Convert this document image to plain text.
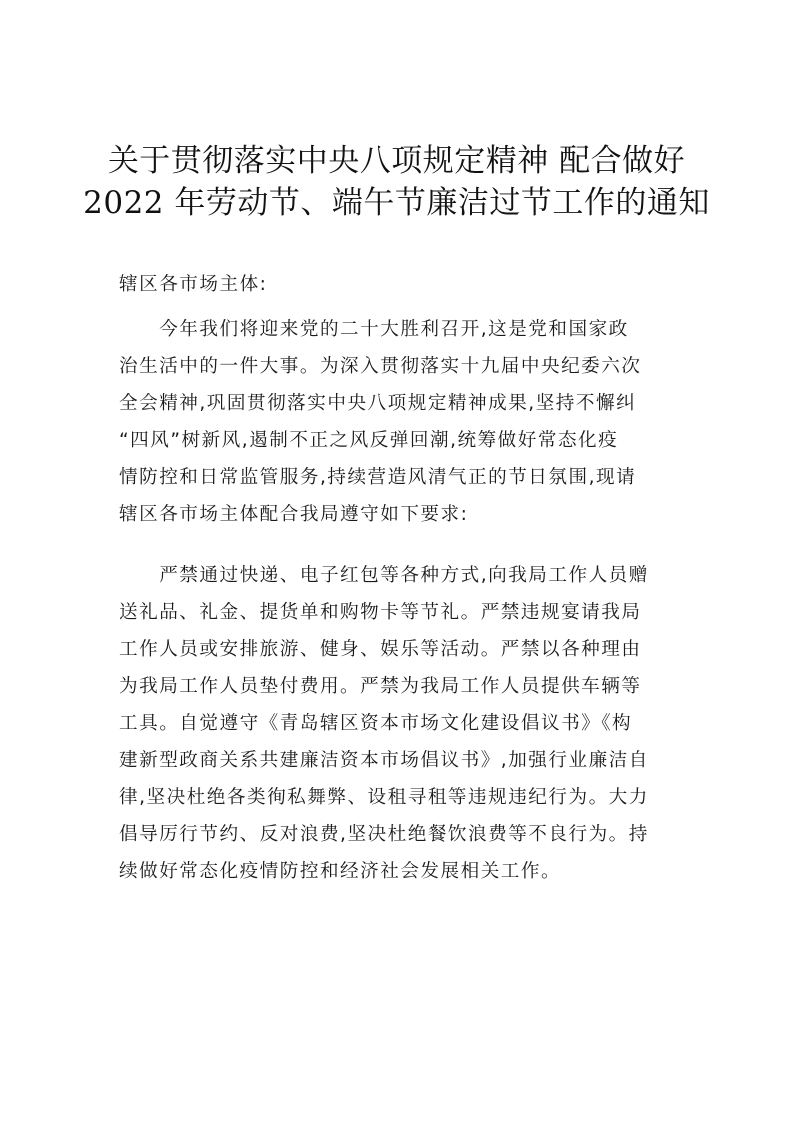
关于贯彻落实中央八项规定精神 配合做好
2022 年劳动节、端午节廉洁过节工作的通知
辖区各市场主体:
　　今年我们将迎来党的二十大胜利召开,这是党和国家政
治生活中的一件大事。为深入贯彻落实十九届中央纪委六次
全会精神,巩固贯彻落实中央八项规定精神成果,坚持不懈纠
“四风”树新风,遏制不正之风反弹回潮,统筹做好常态化疫
情防控和日常监管服务,持续营造风清气正的节日氛围,现请
辖区各市场主体配合我局遵守如下要求:
　　严禁通过快递、电子红包等各种方式,向我局工作人员赠
送礼品、礼金、提货单和购物卡等节礼。严禁违规宴请我局
工作人员或安排旅游、健身、娱乐等活动。严禁以各种理由
为我局工作人员垫付费用。严禁为我局工作人员提供车辆等
工具。自觉遵守《青岛辖区资本市场文化建设倡议书》《构
建新型政商关系共建廉洁资本市场倡议书》,加强行业廉洁自
律,坚决杜绝各类徇私舞弊、设租寻租等违规违纪行为。大力
倡导厉行节约、反对浪费,坚决杜绝餐饮浪费等不良行为。持
续做好常态化疫情防控和经济社会发展相关工作。
